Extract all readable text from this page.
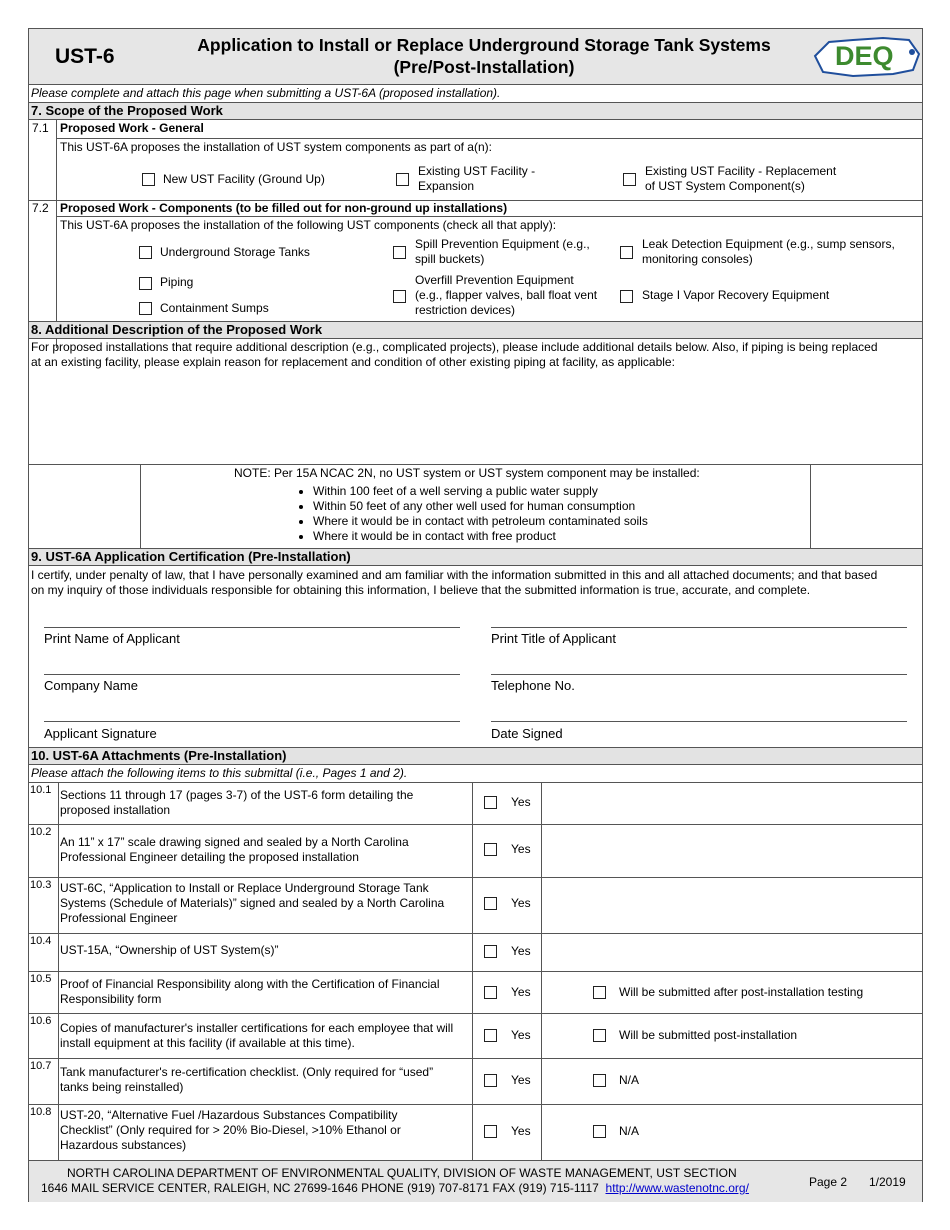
UST-6	Application to Install or Replace Underground Storage Tank Systems
(Pre/Post-Installation)	DEQ
Please complete and attach this page when submitting a UST-6A (proposed installation).
7. Scope of the Proposed Work
7.1 Proposed Work - General
This UST-6A proposes the installation of UST system components as part of a(n):
New UST Facility (Ground Up)
Existing UST Facility -
Expansion
Existing UST Facility - Replacement
of UST System Component(s)
7.2 Proposed Work - Components (to be filled out for non-ground up installations)
This UST-6A proposes the installation of the following UST components (check all that apply):
Underground Storage Tanks
Piping
Containment Sumps
Spill Prevention Equipment (e.g.,
spill buckets)
Overfill Prevention Equipment
(e.g., flapper valves, ball float vent
restriction devices)
Leak Detection Equipment (e.g., sump sensors,
monitoring consoles)
Stage I Vapor Recovery Equipment
8. Additional Description of the Proposed Work
For proposed installations that require additional description (e.g., complicated projects), please include additional details below. Also, if piping is being replaced
at an existing facility, please explain reason for replacement and condition of other existing piping at facility, as applicable:
NOTE: Per 15A NCAC 2N, no UST system or UST system component may be installed:
• Within 100 feet of a well serving a public water supply
• Within 50 feet of any other well used for human consumption
• Where it would be in contact with petroleum contaminated soils
• Where it would be in contact with free product
9. UST-6A Application Certification (Pre-Installation)
I certify, under penalty of law, that I have personally examined and am familiar with the information submitted in this and all attached documents; and that based
on my inquiry of those individuals responsible for obtaining this information, I believe that the submitted information is true, accurate, and complete.
Print Name of Applicant	Print Title of Applicant
Company Name	Telephone No.
Applicant Signature	Date Signed
10. UST-6A Attachments (Pre-Installation)
Please attach the following items to this submittal (i.e., Pages 1 and 2).
10.1 Sections 11 through 17 (pages 3-7) of the UST-6 form detailing the
proposed installation
Yes
10.2
An 11” x 17” scale drawing signed and sealed by a North Carolina
Professional Engineer detailing the proposed installation
Yes
10.3 UST-6C, “Application to Install or Replace Underground Storage Tank
Systems (Schedule of Materials)” signed and sealed by a North Carolina
Professional Engineer
Yes
10.4
UST-15A, “Ownership of UST System(s)”	Yes
10.5 Proof of Financial Responsibility along with the Certification of Financial
Responsibility form	Yes	Will be submitted after post-installation testing
10.6 Copies of manufacturer's installer certifications for each employee that will
install equipment at this facility (if available at this time).
Yes	Will be submitted post-installation
10.7 Tank manufacturer's re-certification checklist. (Only required for “used”
tanks being reinstalled)	Yes	N/A
10.8 UST-20, “Alternative Fuel /Hazardous Substances Compatibility
Checklist” (Only required for > 20% Bio-Diesel, >10% Ethanol or
Hazardous substances)
Yes	N/A
NORTH CAROLINA DEPARTMENT OF ENVIRONMENTAL QUALITY, DIVISION OF WASTE MANAGEMENT, UST SECTION
1646 MAIL SERVICE CENTER, RALEIGH, NC 27699-1646 PHONE (919) 707-8171 FAX (919) 715-1117 http://www.wastenotnc.org/	Page 2 1/2019
